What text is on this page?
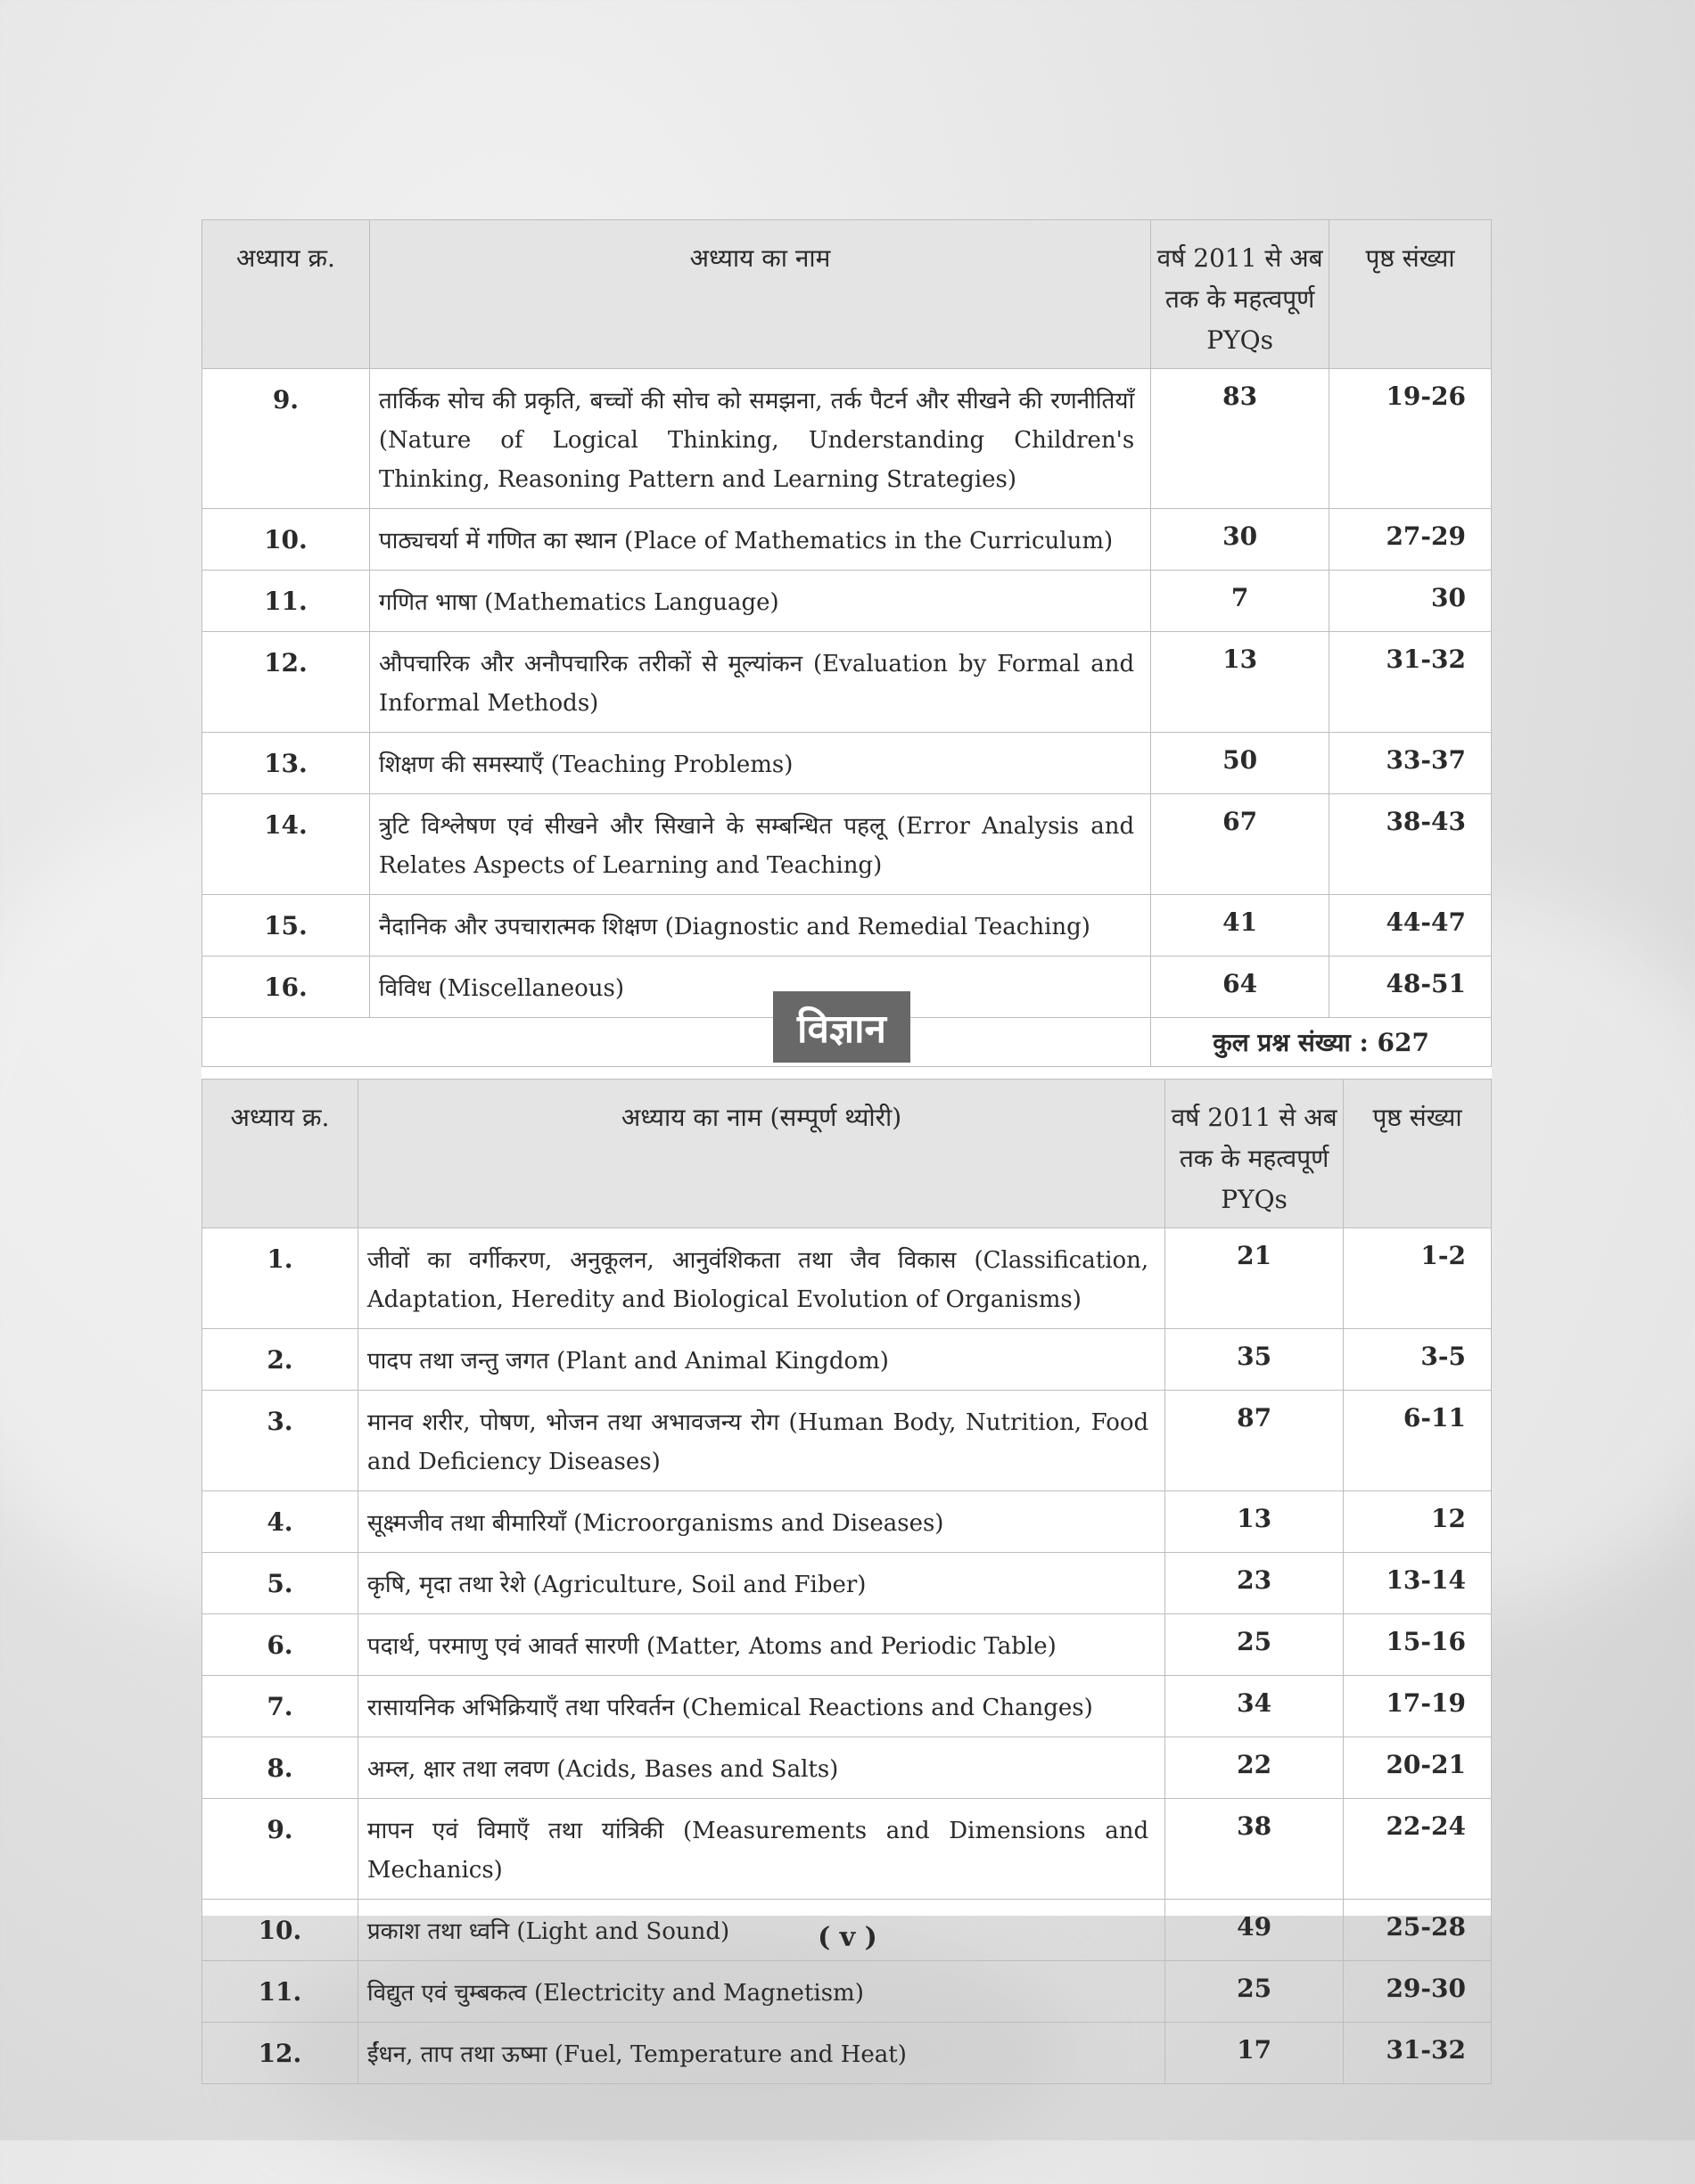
अध्याय क्र.	अध्याय का नाम	वर्ष 2011 से अब तक के महत्वपूर्ण PYQs	पृष्ठ संख्या
9.	तार्किक सोच की प्रकृति, बच्चों की सोच को समझना, तर्क पैटर्न और सीखने की रणनीतियाँ (Nature of Logical Thinking, Understanding Children's Thinking, Reasoning Pattern and Learning Strategies)	83	19-26
10.	पाठ्यचर्या में गणित का स्थान (Place of Mathematics in the Curriculum)	30	27-29
11.	गणित भाषा (Mathematics Language)	7	30
12.	औपचारिक और अनौपचारिक तरीकों से मूल्यांकन (Evaluation by Formal and Informal Methods)	13	31-32
13.	शिक्षण की समस्याएँ (Teaching Problems)	50	33-37
14.	त्रुटि विश्लेषण एवं सीखने और सिखाने के सम्बन्धित पहलू (Error Analysis and Relates Aspects of Learning and Teaching)	67	38-43
15.	नैदानिक और उपचारात्मक शिक्षण (Diagnostic and Remedial Teaching)	41	44-47
16.	विविध (Miscellaneous)	64	48-51
		कुल प्रश्न संख्या : 627	
विज्ञान
अध्याय क्र.	अध्याय का नाम (सम्पूर्ण थ्योरी)	वर्ष 2011 से अब तक के महत्वपूर्ण PYQs	पृष्ठ संख्या
1.	जीवों का वर्गीकरण, अनुकूलन, आनुवंशिकता तथा जैव विकास (Classification, Adaptation, Heredity and Biological Evolution of Organisms)	21	1-2
2.	पादप तथा जन्तु जगत (Plant and Animal Kingdom)	35	3-5
3.	मानव शरीर, पोषण, भोजन तथा अभावजन्य रोग (Human Body, Nutrition, Food and Deficiency Diseases)	87	6-11
4.	सूक्ष्मजीव तथा बीमारियाँ (Microorganisms and Diseases)	13	12
5.	कृषि, मृदा तथा रेशे (Agriculture, Soil and Fiber)	23	13-14
6.	पदार्थ, परमाणु एवं आवर्त सारणी (Matter, Atoms and Periodic Table)	25	15-16
7.	रासायनिक अभिक्रियाएँ तथा परिवर्तन (Chemical Reactions and Changes)	34	17-19
8.	अम्ल, क्षार तथा लवण (Acids, Bases and Salts)	22	20-21
9.	मापन एवं विमाएँ तथा यांत्रिकी (Measurements and Dimensions and Mechanics)	38	22-24
10.	प्रकाश तथा ध्वनि (Light and Sound)	49	25-28
11.	विद्युत एवं चुम्बकत्व (Electricity and Magnetism)	25	29-30
12.	ईंधन, ताप तथा ऊष्मा (Fuel, Temperature and Heat)	17	31-32
( v )
